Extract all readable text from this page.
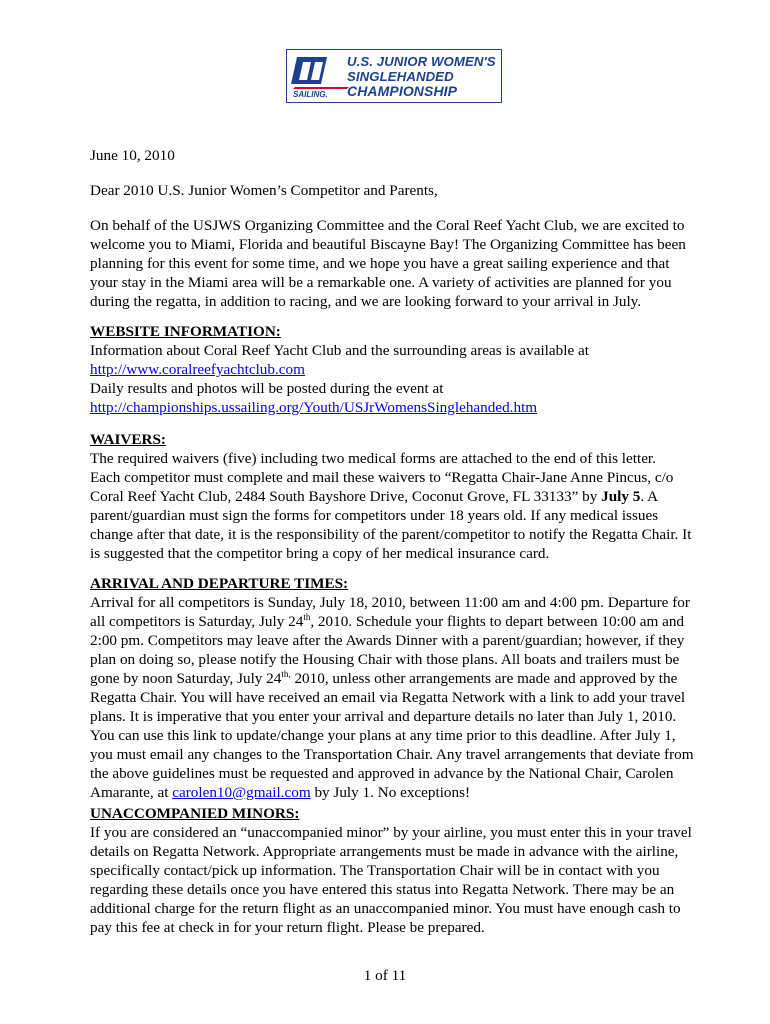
SAILING.
U.S. JUNIOR WOMEN'S
SINGLEHANDED
CHAMPIONSHIP

June 10, 2010

Dear 2010 U.S. Junior Women’s Competitor and Parents,

On behalf of the USJWS Organizing Committee and the Coral Reef Yacht Club, we are excited to
welcome you to Miami, Florida and beautiful Biscayne Bay! The Organizing Committee has been
planning for this event for some time, and we hope you have a great sailing experience and that
your stay in the Miami area will be a remarkable one. A variety of activities are planned for you
during the regatta, in addition to racing, and we are looking forward to your arrival in July.
WEBSITE INFORMATION:
Information about Coral Reef Yacht Club and the surrounding areas is available at
http://www.coralreefyachtclub.com
Daily results and photos will be posted during the event at
http://championships.ussailing.org/Youth/USJrWomensSinglehanded.htm
WAIVERS:
The required waivers (five) including two medical forms are attached to the end of this letter.
Each competitor must complete and mail these waivers to “Regatta Chair-Jane Anne Pincus, c/o
Coral Reef Yacht Club, 2484 South Bayshore Drive, Coconut Grove, FL 33133” by July 5. A
parent/guardian must sign the forms for competitors under 18 years old. If any medical issues
change after that date, it is the responsibility of the parent/competitor to notify the Regatta Chair. It
is suggested that the competitor bring a copy of her medical insurance card.
ARRIVAL AND DEPARTURE TIMES:
Arrival for all competitors is Sunday, July 18, 2010, between 11:00 am and 4:00 pm. Departure for
all competitors is Saturday, July 24th, 2010. Schedule your flights to depart between 10:00 am and
2:00 pm. Competitors may leave after the Awards Dinner with a parent/guardian; however, if they
plan on doing so, please notify the Housing Chair with those plans. All boats and trailers must be
gone by noon Saturday, July $24^{th,}$ 2010, unless other arrangements are made and approved by the
Regatta Chair. You will have received an email via Regatta Network with a link to add your travel
plans. It is imperative that you enter your arrival and departure details no later than July 1, 2010.
You can use this link to update/change your plans at any time prior to this deadline. After July 1,
you must email any changes to the Transportation Chair. Any travel arrangements that deviate from
the above guidelines must be requested and approved in advance by the National Chair, Carolen
Amarante, at carolen10@gmail.com by July 1. No exceptions!
UNACCOMPANIED MINORS:
If you are considered an “unaccompanied minor” by your airline, you must enter this in your travel
details on Regatta Network. Appropriate arrangements must be made in advance with the airline,
specifically contact/pick up information. The Transportation Chair will be in contact with you
regarding these details once you have entered this status into Regatta Network. There may be an
additional charge for the return flight as an unaccompanied minor. You must have enough cash to
pay this fee at check in for your return flight. Please be prepared.
1 of 11
